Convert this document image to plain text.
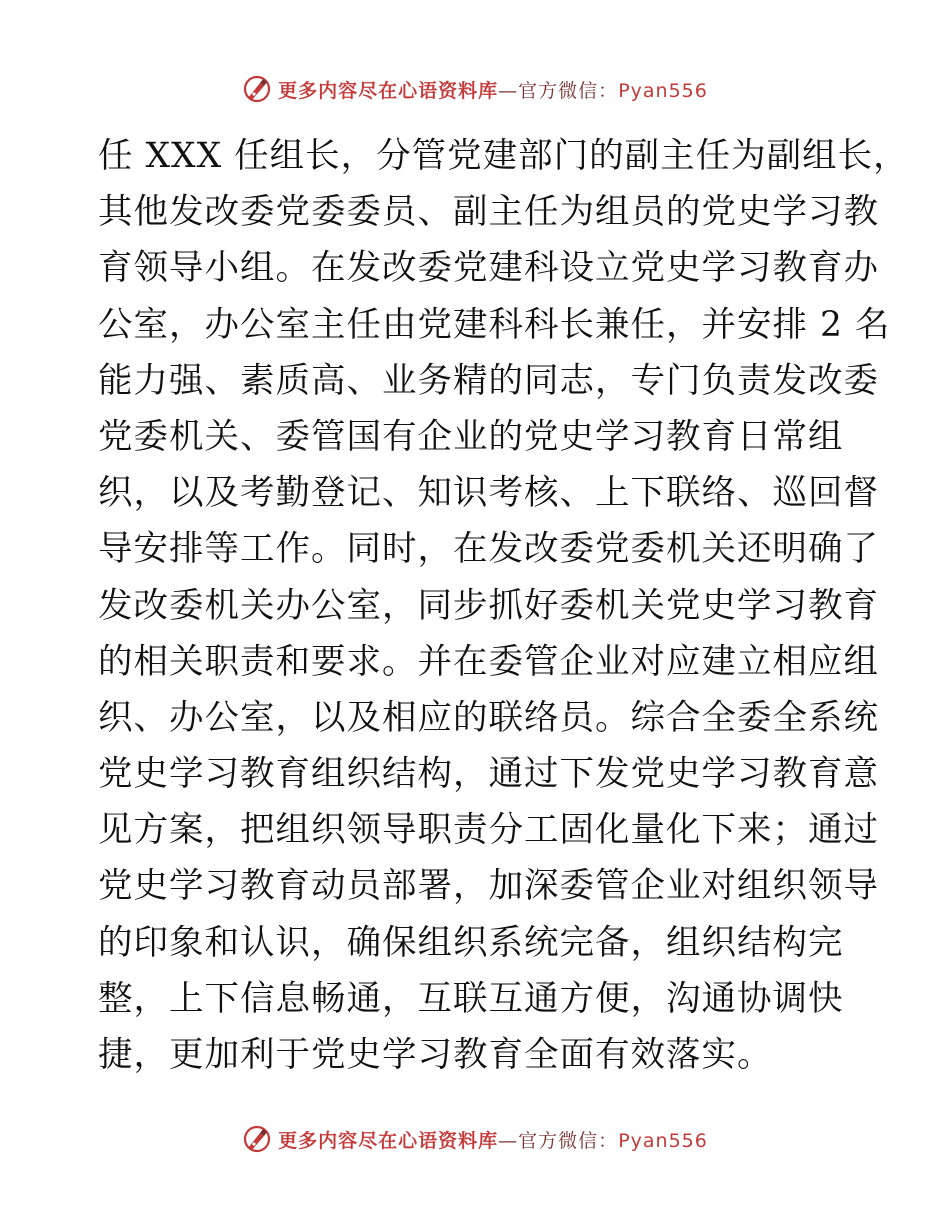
更多内容尽在心语资料库—官方微信：Pyan556
任 XXX 任组长，分管党建部门的副主任为副组长，
其他发改委党委委员、副主任为组员的党史学习教
育领导小组。在发改委党建科设立党史学习教育办
公室，办公室主任由党建科科长兼任，并安排 2 名
能力强、素质高、业务精的同志，专门负责发改委
党委机关、委管国有企业的党史学习教育日常组
织，以及考勤登记、知识考核、上下联络、巡回督
导安排等工作。同时，在发改委党委机关还明确了
发改委机关办公室，同步抓好委机关党史学习教育
的相关职责和要求。并在委管企业对应建立相应组
织、办公室，以及相应的联络员。综合全委全系统
党史学习教育组织结构，通过下发党史学习教育意
见方案，把组织领导职责分工固化量化下来；通过
党史学习教育动员部署，加深委管企业对组织领导
的印象和认识，确保组织系统完备，组织结构完
整，上下信息畅通，互联互通方便，沟通协调快
捷，更加利于党史学习教育全面有效落实。
更多内容尽在心语资料库—官方微信：Pyan556
